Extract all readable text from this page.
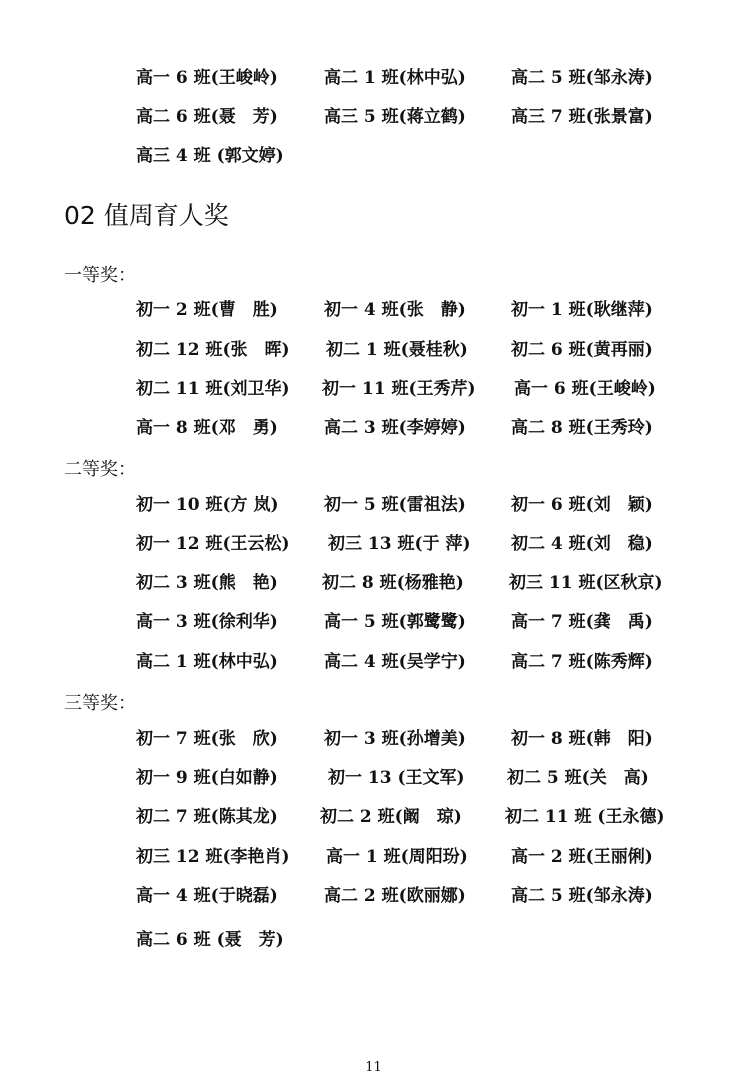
高一 6 班(王峻岭)	高二 1 班(林中弘)	高二 5 班(邹永涛)
高二 6 班(聂　芳)	高三 5 班(蒋立鹤)	高三 7 班(张景富)
高三 4 班 (郭文婷)
02 值周育人奖
一等奖：
初一 2 班(曹　胜)	初一 4 班(张　静)	初一 1 班(耿继萍)
初二 12 班(张　晖) 初二 1 班(聂桂秋)	初二 6 班(黄再丽)
初二 11 班(刘卫华) 初一 11 班(王秀芹) 高一 6 班(王峻岭)
高一 8 班(邓　勇)	高二 3 班(李婷婷)	高二 8 班(王秀玲)
二等奖：
初一 10 班(方 岚)	初一 5 班(雷祖法)	初一 6 班(刘　颖)
初一 12 班(王云松) 初三 13 班(于 萍) 初二 4 班(刘　稳)
初二 3 班(熊　艳)	初二 8 班(杨雅艳)	初三 11 班(区秋京)
高一 3 班(徐利华)	高一 5 班(郭鹭鹭)	高一 7 班(龚　禹)
高二 1 班(林中弘)	高二 4 班(吴学宁)	高二 7 班(陈秀辉)
三等奖：
初一 7 班(张　欣)	初一 3 班(孙增美)	初一 8 班(韩　阳)
初一 9 班(白如静)	初一 13 (王文军) 初二 5 班(关　高)
初二 7 班(陈其龙) 初二 2 班(阚　琼)	初二 11 班 (王永德)
初三 12 班(李艳肖) 高一 1 班(周阳玢)	高一 2 班(王丽俐)
高一 4 班(于晓磊)	高二 2 班(欧丽娜)	高二 5 班(邹永涛)
高二 6 班 (聂　芳)
11
